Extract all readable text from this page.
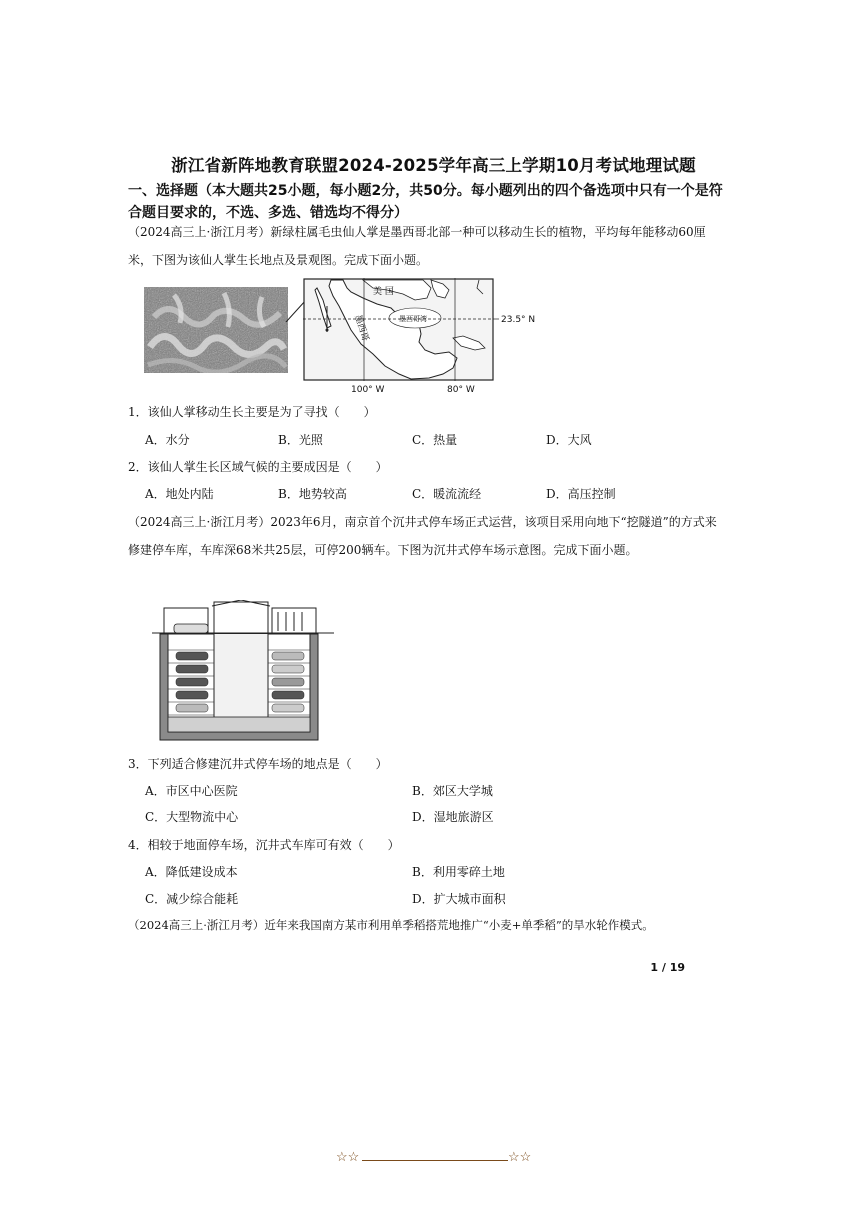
浙江省新阵地教育联盟2024-2025学年高三上学期10月考试地理试题
一、选择题（本大题共25小题，每小题2分，共50分。每小题列出的四个备选项中只有一个是符合题目要求的，不选、多选、错选均不得分）
（2024高三上·浙江月考）新绿柱属毛虫仙人掌是墨西哥北部一种可以移动生长的植物，平均每年能移动60厘米，下图为该仙人掌生长地点及景观图。完成下面小题。
美 国
墨西哥	墨西哥湾	23.5° N
100° W	80° W
1．该仙人掌移动生长主要是为了寻找（　　）
A．水分	B．光照	C．热量	D．大风
2．该仙人掌生长区域气候的主要成因是（　　）
A．地处内陆	B．地势较高	C．暖流流经	D．高压控制
（2024高三上·浙江月考）2023年6月，南京首个沉井式停车场正式运营，该项目采用向地下“挖隧道”的方式来修建停车库，车库深68米共25层，可停200辆车。下图为沉井式停车场示意图。完成下面小题。
3．下列适合修建沉井式停车场的地点是（　　）
A．市区中心医院	B．郊区大学城
C．大型物流中心	D．湿地旅游区
4．相较于地面停车场，沉井式车库可有效（　　）
A．降低建设成本	B．利用零碎土地
C．减少综合能耗	D．扩大城市面积
（2024高三上·浙江月考）近年来我国南方某市利用单季稻搭荒地推广“小麦+单季稻”的旱水轮作模式。
1 / 19
☆☆	☆☆
